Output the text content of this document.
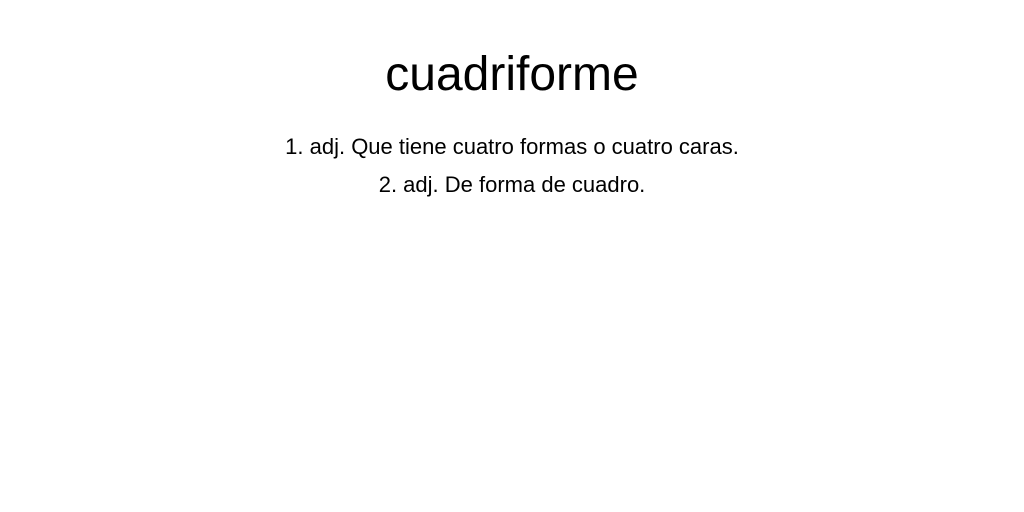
cuadriforme
1. adj. Que tiene cuatro formas o cuatro caras.
2. adj. De forma de cuadro.
